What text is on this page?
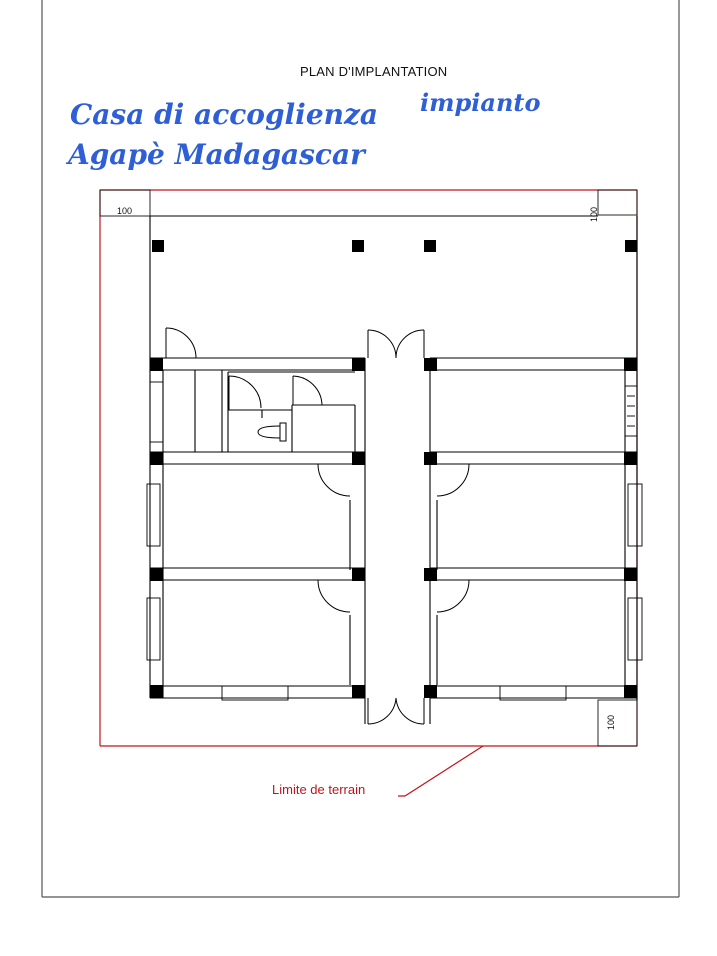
PLAN D'IMPLANTATION
Casa di accoglienza
Agapè Madagascar
impianto
100	100
100
Limite de terrain
